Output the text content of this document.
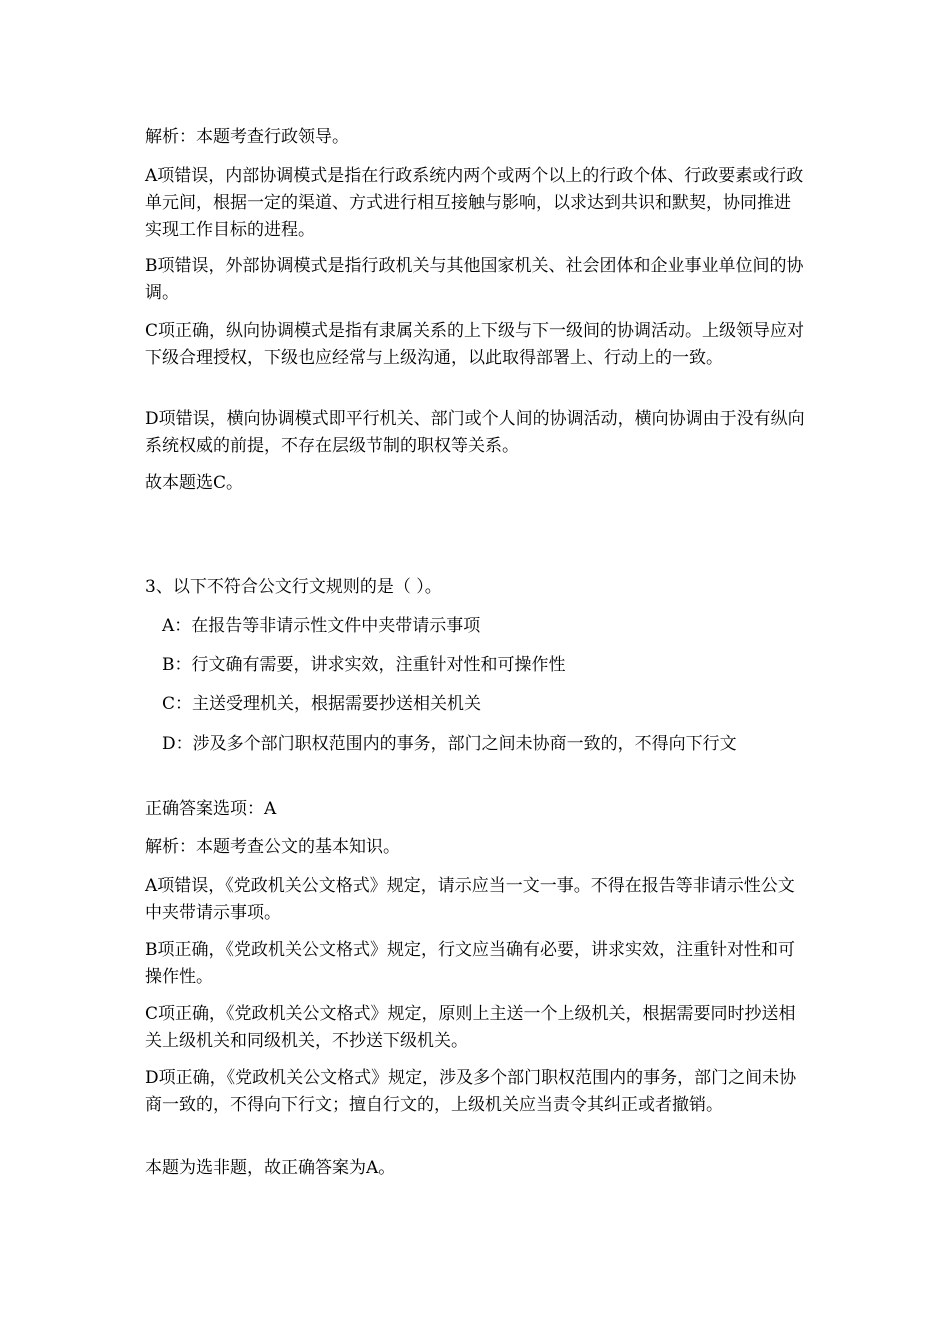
解析：本题考查行政领导。

A项错误，内部协调模式是指在行政系统内两个或两个以上的行政个体、行政要素或行政单元间，根据一定的渠道、方式进行相互接触与影响，以求达到共识和默契，协同推进实现工作目标的进程。

B项错误，外部协调模式是指行政机关与其他国家机关、社会团体和企业事业单位间的协调。

C项正确，纵向协调模式是指有隶属关系的上下级与下一级间的协调活动。上级领导应对下级合理授权，下级也应经常与上级沟通，以此取得部署上、行动上的一致。

D项错误，横向协调模式即平行机关、部门或个人间的协调活动，横向协调由于没有纵向系统权威的前提，不存在层级节制的职权等关系。

故本题选C。

3、以下不符合公文行文规则的是（ ）。

A：在报告等非请示性文件中夹带请示事项

B：行文确有需要，讲求实效，注重针对性和可操作性

C：主送受理机关，根据需要抄送相关机关

D：涉及多个部门职权范围内的事务，部门之间未协商一致的，不得向下行文

正确答案选项：A

解析：本题考查公文的基本知识。

A项错误，《党政机关公文格式》规定，请示应当一文一事。不得在报告等非请示性公文中夹带请示事项。

B项正确，《党政机关公文格式》规定，行文应当确有必要，讲求实效，注重针对性和可操作性。

C项正确，《党政机关公文格式》规定，原则上主送一个上级机关，根据需要同时抄送相关上级机关和同级机关，不抄送下级机关。

D项正确，《党政机关公文格式》规定，涉及多个部门职权范围内的事务，部门之间未协商一致的，不得向下行文；擅自行文的，上级机关应当责令其纠正或者撤销。

本题为选非题，故正确答案为A。
